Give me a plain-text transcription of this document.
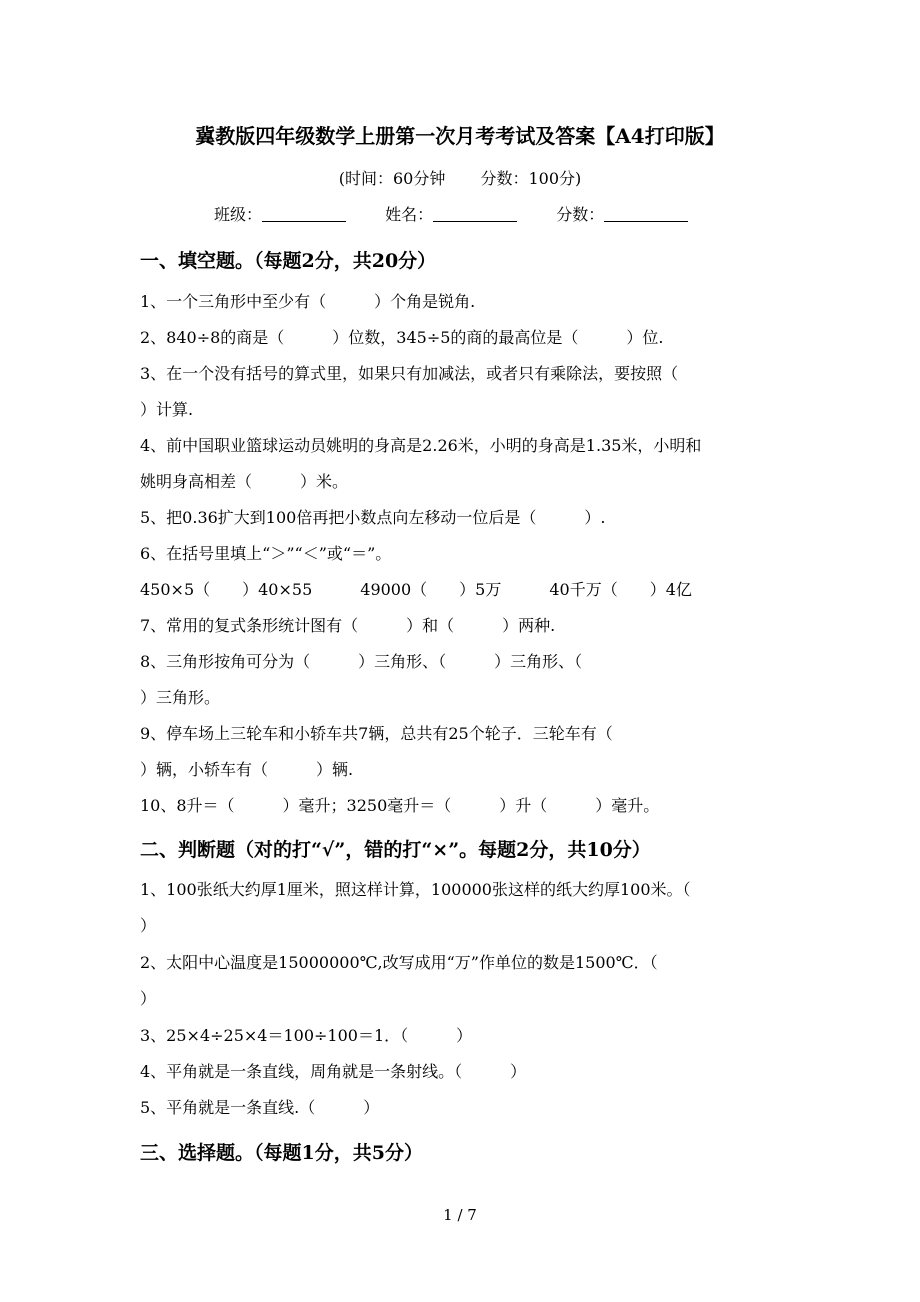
冀教版四年级数学上册第一次月考考试及答案【A4打印版】
(时间：60分钟 分数：100分)
班级：	姓名：	分数：
一、填空题。（每题2分，共20分）
1、一个三角形中至少有（　　　）个角是锐角.
2、840÷8的商是（　　　）位数，345÷5的商的最高位是（　　　）位.
3、在一个没有括号的算式里，如果只有加减法，或者只有乘除法，要按照（
）计算.
4、前中国职业篮球运动员姚明的身高是2.26米，小明的身高是1.35米，小明和
姚明身高相差（　　　）米。
5、把0.36扩大到100倍再把小数点向左移动一位后是（　　　）.
6、在括号里填上“＞”“＜”或“＝”。
450×5（　　）40×55	49000（　　）5万	40千万（　　）4亿
7、常用的复式条形统计图有（　　　）和（　　　）两种.
8、三角形按角可分为（　　　）三角形、（　　　）三角形、（
）三角形。
9、停车场上三轮车和小轿车共7辆，总共有25个轮子．三轮车有（
）辆，小轿车有（　　　）辆.
10、8升＝（　　　）毫升；3250毫升＝（　　　）升（　　　）毫升。
二、判断题（对的打“√”，错的打“×”。每题2分，共10分）
1、100张纸大约厚1厘米，照这样计算，100000张这样的纸大约厚100米。（
）
2、太阳中心温度是15000000℃,改写成用“万”作单位的数是1500℃．（
）
3、25×4÷25×4＝100÷100＝1．（　　　）
4、平角就是一条直线，周角就是一条射线。（　　　）
5、平角就是一条直线.（　　　）
三、选择题。（每题1分，共5分）
1 / 7
